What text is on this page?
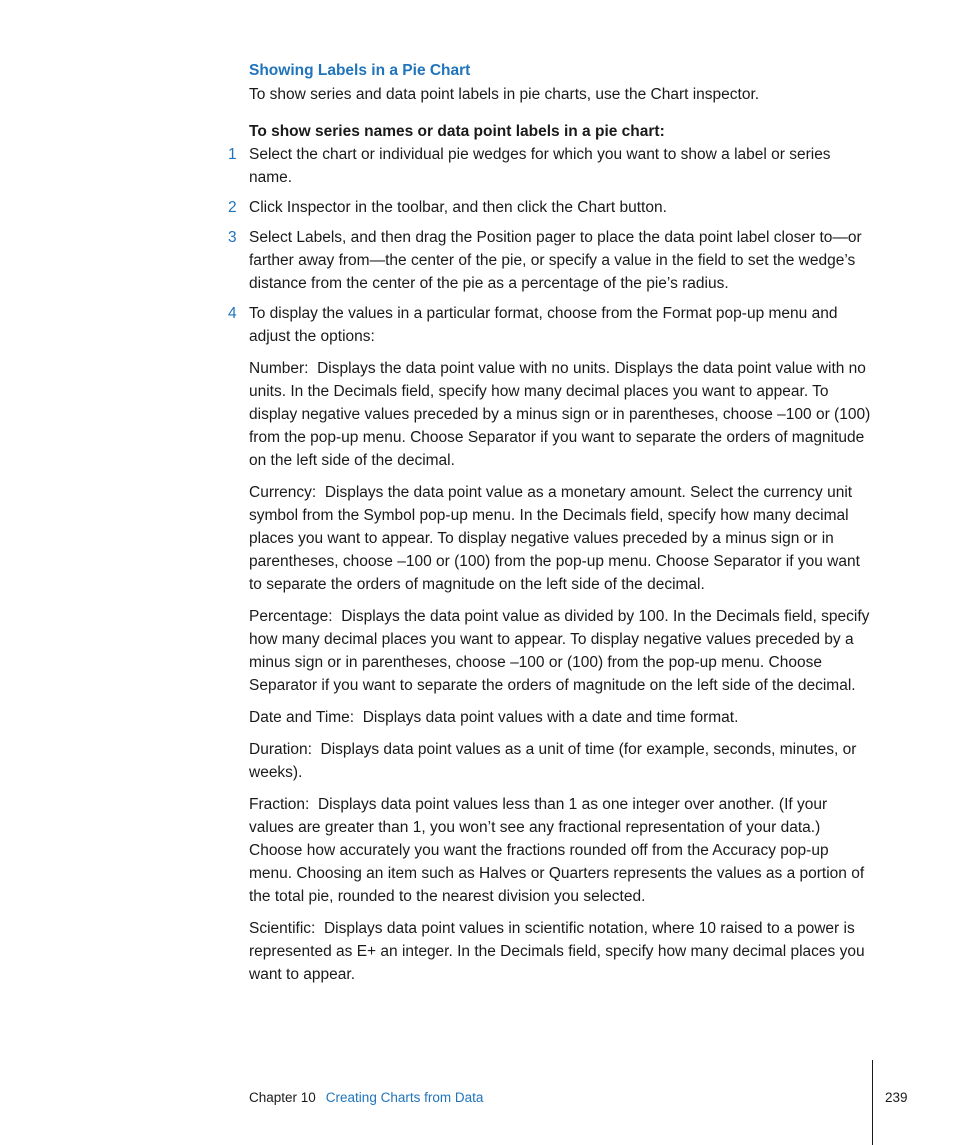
Showing Labels in a Pie Chart

To show series and data point labels in pie charts, use the Chart inspector.

To show series names or data point labels in a pie chart:

1 Select the chart or individual pie wedges for which you want to show a label or series name.

2 Click Inspector in the toolbar, and then click the Chart button.

3 Select Labels, and then drag the Position pager to place the data point label closer to—or farther away from—the center of the pie, or specify a value in the field to set the wedge’s distance from the center of the pie as a percentage of the pie’s radius.

4 To display the values in a particular format, choose from the Format pop-up menu and adjust the options:

Number: Displays the data point value with no units. Displays the data point value with no units. In the Decimals field, specify how many decimal places you want to appear. To display negative values preceded by a minus sign or in parentheses, choose –100 or (100) from the pop-up menu. Choose Separator if you want to separate the orders of magnitude on the left side of the decimal.

Currency: Displays the data point value as a monetary amount. Select the currency unit symbol from the Symbol pop-up menu. In the Decimals field, specify how many decimal places you want to appear. To display negative values preceded by a minus sign or in parentheses, choose –100 or (100) from the pop-up menu. Choose Separator if you want to separate the orders of magnitude on the left side of the decimal.

Percentage: Displays the data point value as divided by 100. In the Decimals field, specify how many decimal places you want to appear. To display negative values preceded by a minus sign or in parentheses, choose –100 or (100) from the pop-up menu. Choose Separator if you want to separate the orders of magnitude on the left side of the decimal.

Date and Time: Displays data point values with a date and time format.

Duration: Displays data point values as a unit of time (for example, seconds, minutes, or weeks).

Fraction: Displays data point values less than 1 as one integer over another. (If your values are greater than 1, you won’t see any fractional representation of your data.) Choose how accurately you want the fractions rounded off from the Accuracy pop-up menu. Choosing an item such as Halves or Quarters represents the values as a portion of the total pie, rounded to the nearest division you selected.

Scientific: Displays data point values in scientific notation, where 10 raised to a power is represented as E+ an integer. In the Decimals field, specify how many decimal places you want to appear.

Chapter 10 Creating Charts from Data	239
